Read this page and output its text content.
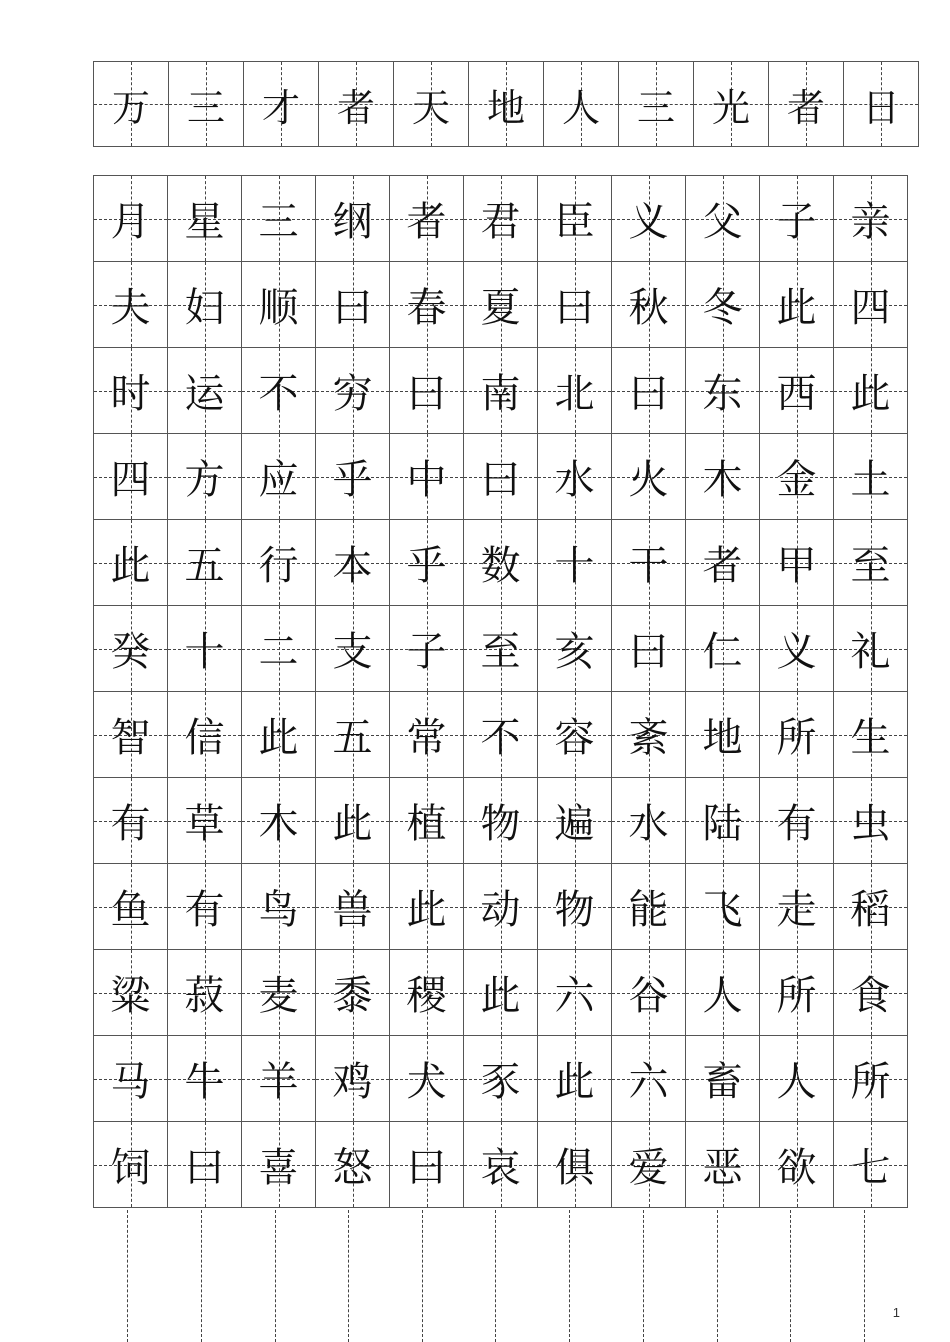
万	三	才	者	天	地	人	三	光	者	日
月	星	三	纲	者	君	臣	义	父	子	亲
夫	妇	顺	曰	春	夏	曰	秋	冬	此	四
时	运	不	穷	曰	南	北	曰	东	西	此
四	方	应	乎	中	曰	水	火	木	金	土
此	五	行	本	乎	数	十	干	者	甲	至
癸	十	二	支	子	至	亥	曰	仁	义	礼
智	信	此	五	常	不	容	紊	地	所	生
有	草	木	此	植	物	遍	水	陆	有	虫
鱼	有	鸟	兽	此	动	物	能	飞	走	稻
粱	菽	麦	黍	稷	此	六	谷	人	所	食
马	牛	羊	鸡	犬	豕	此	六	畜	人	所
饲	曰	喜	怒	曰	哀	俱	爱	恶	欲	七
1
